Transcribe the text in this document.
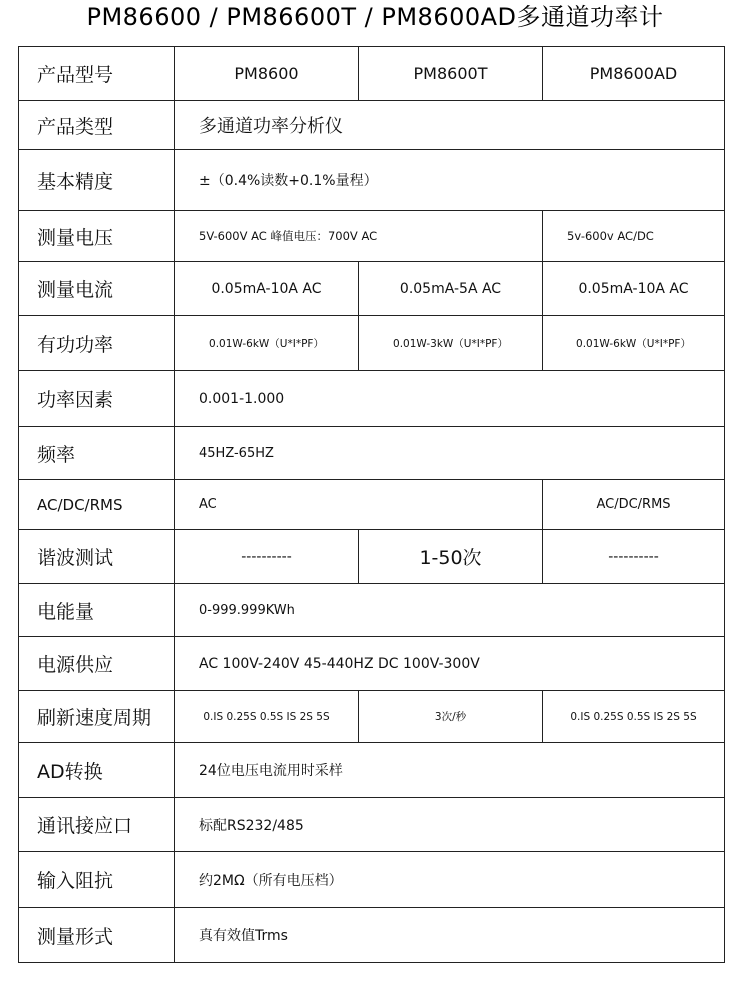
PM86600 / PM86600T / PM8600AD多通道功率计
产品型号	PM8600	PM8600T	PM8600AD
产品类型	多通道功率分析仪		
基本精度	±（0.4%读数+0.1%量程）		
测量电压	5V-600V AC 峰值电压：700V AC		5v-600v AC/DC
测量电流	0.05mA-10A AC	0.05mA-5A AC	0.05mA-10A AC
有功功率	0.01W-6kW（U*I*PF）	0.01W-3kW（U*I*PF）	0.01W-6kW（U*I*PF）
功率因素	0.001-1.000		
频率	45HZ-65HZ		
AC/DC/RMS	AC		AC/DC/RMS
谐波测试	----------	1-50次	----------
电能量	0-999.999KWh		
电源供应	AC 100V-240V 45-440HZ DC 100V-300V		
刷新速度周期	0.IS 0.25S 0.5S IS 2S 5S	3次/秒	0.IS 0.25S 0.5S IS 2S 5S
AD转换	24位电压电流用时采样		
通讯接应口	标配RS232/485		
输入阻抗	约2MΩ（所有电压档）		
测量形式	真有效值Trms		
